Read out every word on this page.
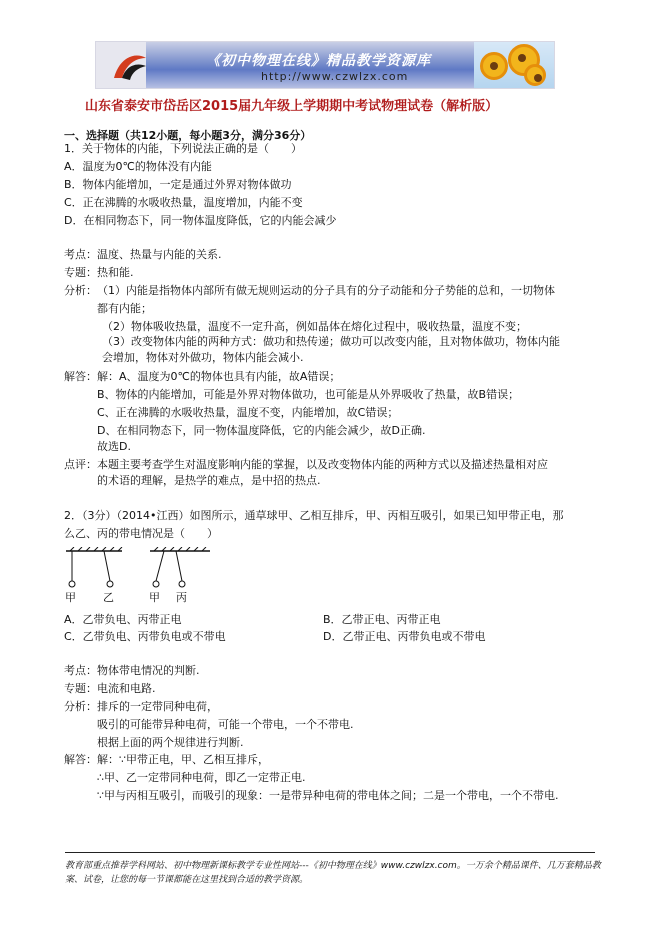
《初中物理在线》精品教学资源库
http://www.czwlzx.com
山东省泰安市岱岳区2015届九年级上学期期中考试物理试卷（解析版）
一、选择题（共12小题，每小题3分，满分36分）
1．关于物体的内能，下列说法正确的是（　　）
A．温度为0℃的物体没有内能
B．物体内能增加，一定是通过外界对物体做功
C．正在沸腾的水吸收热量，温度增加，内能不变
D．在相同物态下，同一物体温度降低，它的内能会减少
考点： 温度、热量与内能的关系.
专题： 热和能.
分析： （1）内能是指物体内部所有做无规则运动的分子具有的分子动能和分子势能的总和，一切物体
都有内能；
（2）物体吸收热量，温度不一定升高，例如晶体在熔化过程中，吸收热量，温度不变；
（3）改变物体内能的两种方式：做功和热传递；做功可以改变内能，且对物体做功，物体内能
会增加，物体对外做功，物体内能会减小.
解答： 解：A、温度为0℃的物体也具有内能，故A错误；
B、物体的内能增加，可能是外界对物体做功，也可能是从外界吸收了热量，故B错误；
C、正在沸腾的水吸收热量，温度不变，内能增加，故C错误；
D、在相同物态下，同一物体温度降低，它的内能会减少，故D正确.
故选D.
点评： 本题主要考查学生对温度影响内能的掌握，以及改变物体内能的两种方式以及描述热量相对应
的术语的理解，是热学的难点，是中招的热点.
2．（3分）（2014•江西）如图所示，通草球甲、乙相互排斥，甲、丙相互吸引，如果已知甲带正电，那
么乙、丙的带电情况是（　　）
甲 乙	甲 丙
A．乙带负电、丙带正电	B．乙带正电、丙带正电
C．乙带负电、丙带负电或不带电	D．乙带正电、丙带负电或不带电
考点： 物体带电情况的判断.
专题： 电流和电路.
分析： 排斥的一定带同种电荷，
吸引的可能带异种电荷，可能一个带电，一个不带电.
根据上面的两个规律进行判断.
解答： 解：∵甲带正电，甲、乙相互排斥，
∴甲、乙一定带同种电荷，即乙一定带正电.
∵甲与丙相互吸引，而吸引的现象：一是带异种电荷的带电体之间；二是一个带电，一个不带电.
教育部重点推荐学科网站、初中物理新课标教学专业性网站---《初中物理在线》www.czwlzx.com。一万余个精品课件、几万套精品教案、试卷，让您的每一节课都能在这里找到合适的教学资源。
